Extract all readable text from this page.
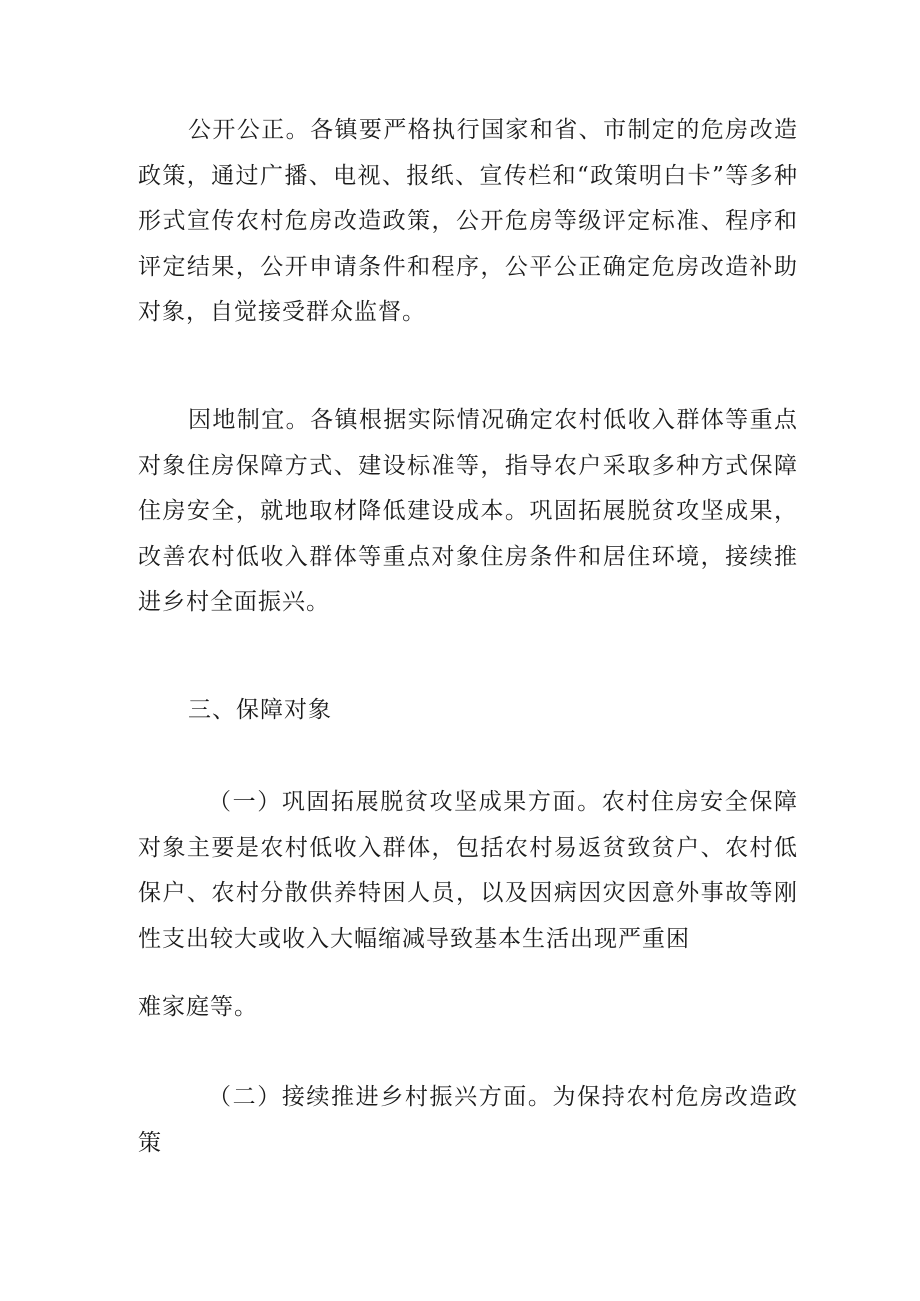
公开公正。各镇要严格执行国家和省、市制定的危房改造政策，通过广播、电视、报纸、宣传栏和“政策明白卡”等多种形式宣传农村危房改造政策，公开危房等级评定标准、程序和评定结果，公开申请条件和程序，公平公正确定危房改造补助对象，自觉接受群众监督。

因地制宜。各镇根据实际情况确定农村低收入群体等重点对象住房保障方式、建设标准等，指导农户采取多种方式保障住房安全，就地取材降低建设成本。巩固拓展脱贫攻坚成果，改善农村低收入群体等重点对象住房条件和居住环境，接续推进乡村全面振兴。

三、保障对象

（一）巩固拓展脱贫攻坚成果方面。农村住房安全保障对象主要是农村低收入群体，包括农村易返贫致贫户、农村低保户、农村分散供养特困人员，以及因病因灾因意外事故等刚性支出较大或收入大幅缩减导致基本生活出现严重困

难家庭等。

（二）接续推进乡村振兴方面。为保持农村危房改造政策
